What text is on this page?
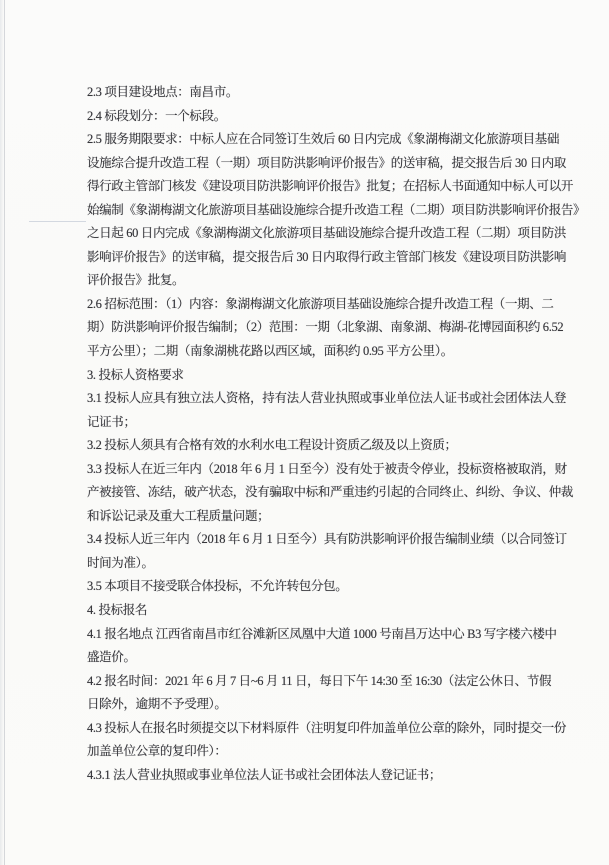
2.3 项目建设地点：南昌市。
2.4 标段划分：一个标段。
2.5 服务期限要求：中标人应在合同签订生效后 60 日内完成《象湖梅湖文化旅游项目基础
设施综合提升改造工程（一期）项目防洪影响评价报告》的送审稿，提交报告后 30 日内取
得行政主管部门核发《建设项目防洪影响评价报告》批复；在招标人书面通知中标人可以开
始编制《象湖梅湖文化旅游项目基础设施综合提升改造工程（二期）项目防洪影响评价报告》
之日起 60 日内完成《象湖梅湖文化旅游项目基础设施综合提升改造工程（二期）项目防洪
影响评价报告》的送审稿，提交报告后 30 日内取得行政主管部门核发《建设项目防洪影响
评价报告》批复。
2.6 招标范围：（1）内容：象湖梅湖文化旅游项目基础设施综合提升改造工程（一期、二
期）防洪影响评价报告编制；（2）范围：一期（北象湖、南象湖、梅湖-花博园面积约 6.52
平方公里）；二期（南象湖桃花路以西区域，面积约 0.95 平方公里）。
3. 投标人资格要求
3.1 投标人应具有独立法人资格，持有法人营业执照或事业单位法人证书或社会团体法人登
记证书；
3.2 投标人须具有合格有效的水利水电工程设计资质乙级及以上资质；
3.3 投标人在近三年内（2018 年 6 月 1 日至今）没有处于被责令停业，投标资格被取消，财
产被接管、冻结，破产状态，没有骗取中标和严重违约引起的合同终止、纠纷、争议、仲裁
和诉讼记录及重大工程质量问题；
3.4 投标人近三年内（2018 年 6 月 1 日至今）具有防洪影响评价报告编制业绩（以合同签订
时间为准）。
3.5 本项目不接受联合体投标，不允许转包分包。
4. 投标报名
4.1 报名地点 江西省南昌市红谷滩新区凤凰中大道 1000 号南昌万达中心 B3 写字楼六楼中
盛造价。
4.2 报名时间：2021 年 6 月 7 日~6 月 11 日，每日下午 14:30 至 16:30（法定公休日、节假
日除外，逾期不予受理）。
4.3 投标人在报名时须提交以下材料原件（注明复印件加盖单位公章的除外，同时提交一份
加盖单位公章的复印件）：
4.3.1 法人营业执照或事业单位法人证书或社会团体法人登记证书；
